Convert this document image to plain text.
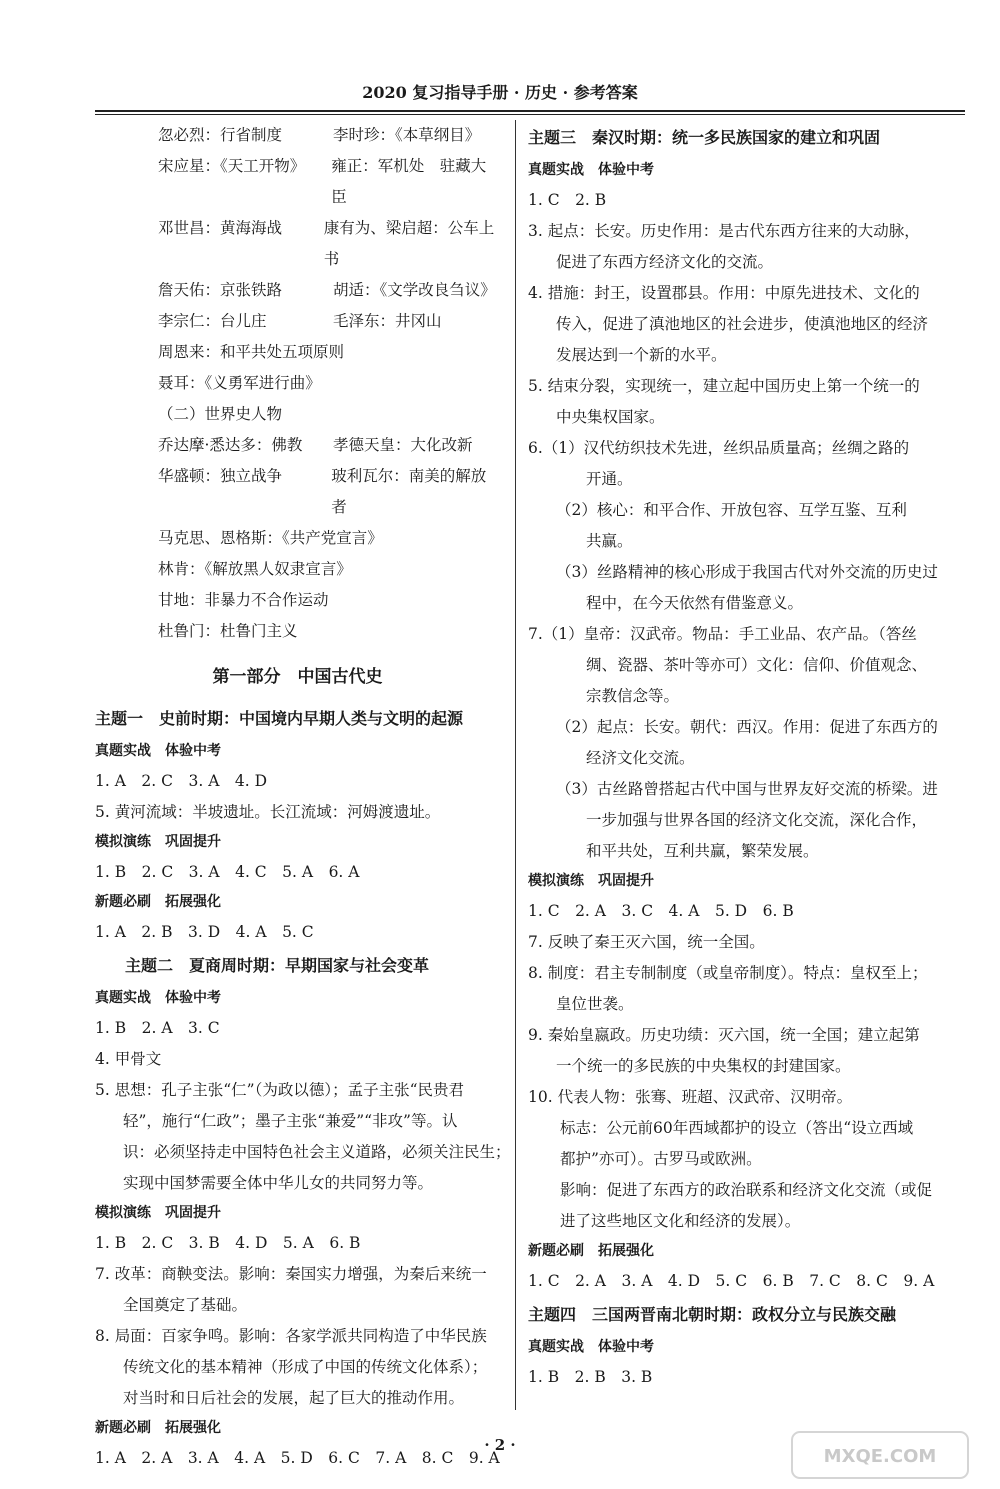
2020 复习指导手册 · 历史 · 参考答案
忽必烈：行省制度	李时珍：《本草纲目》
宋应星：《天工开物》	雍正：军机处　驻藏大臣
邓世昌：黄海海战	康有为、梁启超：公车上书
詹天佑：京张铁路	胡适：《文学改良刍议》
李宗仁：台儿庄	毛泽东：井冈山
周恩来：和平共处五项原则
聂耳：《义勇军进行曲》
（二）世界史人物
乔达摩·悉达多：佛教	孝德天皇：大化改新
华盛顿：独立战争	玻利瓦尔：南美的解放者
马克思、恩格斯：《共产党宣言》
林肯：《解放黑人奴隶宣言》
甘地：非暴力不合作运动
杜鲁门：杜鲁门主义
第一部分　中国古代史
主题一　史前时期：中国境内早期人类与文明的起源
真题实战　体验中考
1. A　2. C　3. A　4. D
5. 黄河流域：半坡遗址。长江流域：河姆渡遗址。
模拟演练　巩固提升
1. B　2. C　3. A　4. C　5. A　6. A
新题必刷　拓展强化
1. A　2. B　3. D　4. A　5. C
主题二　夏商周时期：早期国家与社会变革
真题实战　体验中考
1. B　2. A　3. C
4. 甲骨文
5. 思想：孔子主张“仁”（为政以德）；孟子主张“民贵君
轻”，施行“仁政”；墨子主张“兼爱”“非攻”等。认
识：必须坚持走中国特色社会主义道路，必须关注民生；
实现中国梦需要全体中华儿女的共同努力等。
模拟演练　巩固提升
1. B　2. C　3. B　4. D　5. A　6. B
7. 改革：商鞅变法。影响：秦国实力增强，为秦后来统一
全国奠定了基础。
8. 局面：百家争鸣。影响：各家学派共同构造了中华民族
传统文化的基本精神（形成了中国的传统文化体系）；
对当时和日后社会的发展，起了巨大的推动作用。
新题必刷　拓展强化
1. A　2. A　3. A　4. A　5. D　6. C　7. A　8. C　9. A
主题三　秦汉时期：统一多民族国家的建立和巩固
真题实战　体验中考
1. C　2. B
3. 起点：长安。历史作用：是古代东西方往来的大动脉，
促进了东西方经济文化的交流。
4. 措施：封王，设置郡县。作用：中原先进技术、文化的
传入，促进了滇池地区的社会进步，使滇池地区的经济
发展达到一个新的水平。
5. 结束分裂，实现统一，建立起中国历史上第一个统一的
中央集权国家。
6.（1）汉代纺织技术先进，丝织品质量高；丝绸之路的
开通。
（2）核心：和平合作、开放包容、互学互鉴、互利
共赢。
（3）丝路精神的核心形成于我国古代对外交流的历史过
程中，在今天依然有借鉴意义。
7.（1）皇帝：汉武帝。物品：手工业品、农产品。（答丝
绸、瓷器、茶叶等亦可）文化：信仰、价值观念、
宗教信念等。
（2）起点：长安。朝代：西汉。作用：促进了东西方的
经济文化交流。
（3）古丝路曾搭起古代中国与世界友好交流的桥梁。进
一步加强与世界各国的经济文化交流，深化合作，
和平共处，互利共赢，繁荣发展。
模拟演练　巩固提升
1. C　2. A　3. C　4. A　5. D　6. B
7. 反映了秦王灭六国，统一全国。
8. 制度：君主专制制度（或皇帝制度）。特点：皇权至上；
皇位世袭。
9. 秦始皇嬴政。历史功绩：灭六国，统一全国；建立起第
一个统一的多民族的中央集权的封建国家。
10. 代表人物：张骞、班超、汉武帝、汉明帝。
标志：公元前60年西域都护的设立（答出“设立西域
都护”亦可）。古罗马或欧洲。
影响：促进了东西方的政治联系和经济文化交流（或促
进了这些地区文化和经济的发展）。
新题必刷　拓展强化
1. C　2. A　3. A　4. D　5. C　6. B　7. C　8. C　9. A
主题四　三国两晋南北朝时期：政权分立与民族交融
真题实战　体验中考
1. B　2. B　3. B
· 2 ·
MXQE.COM
